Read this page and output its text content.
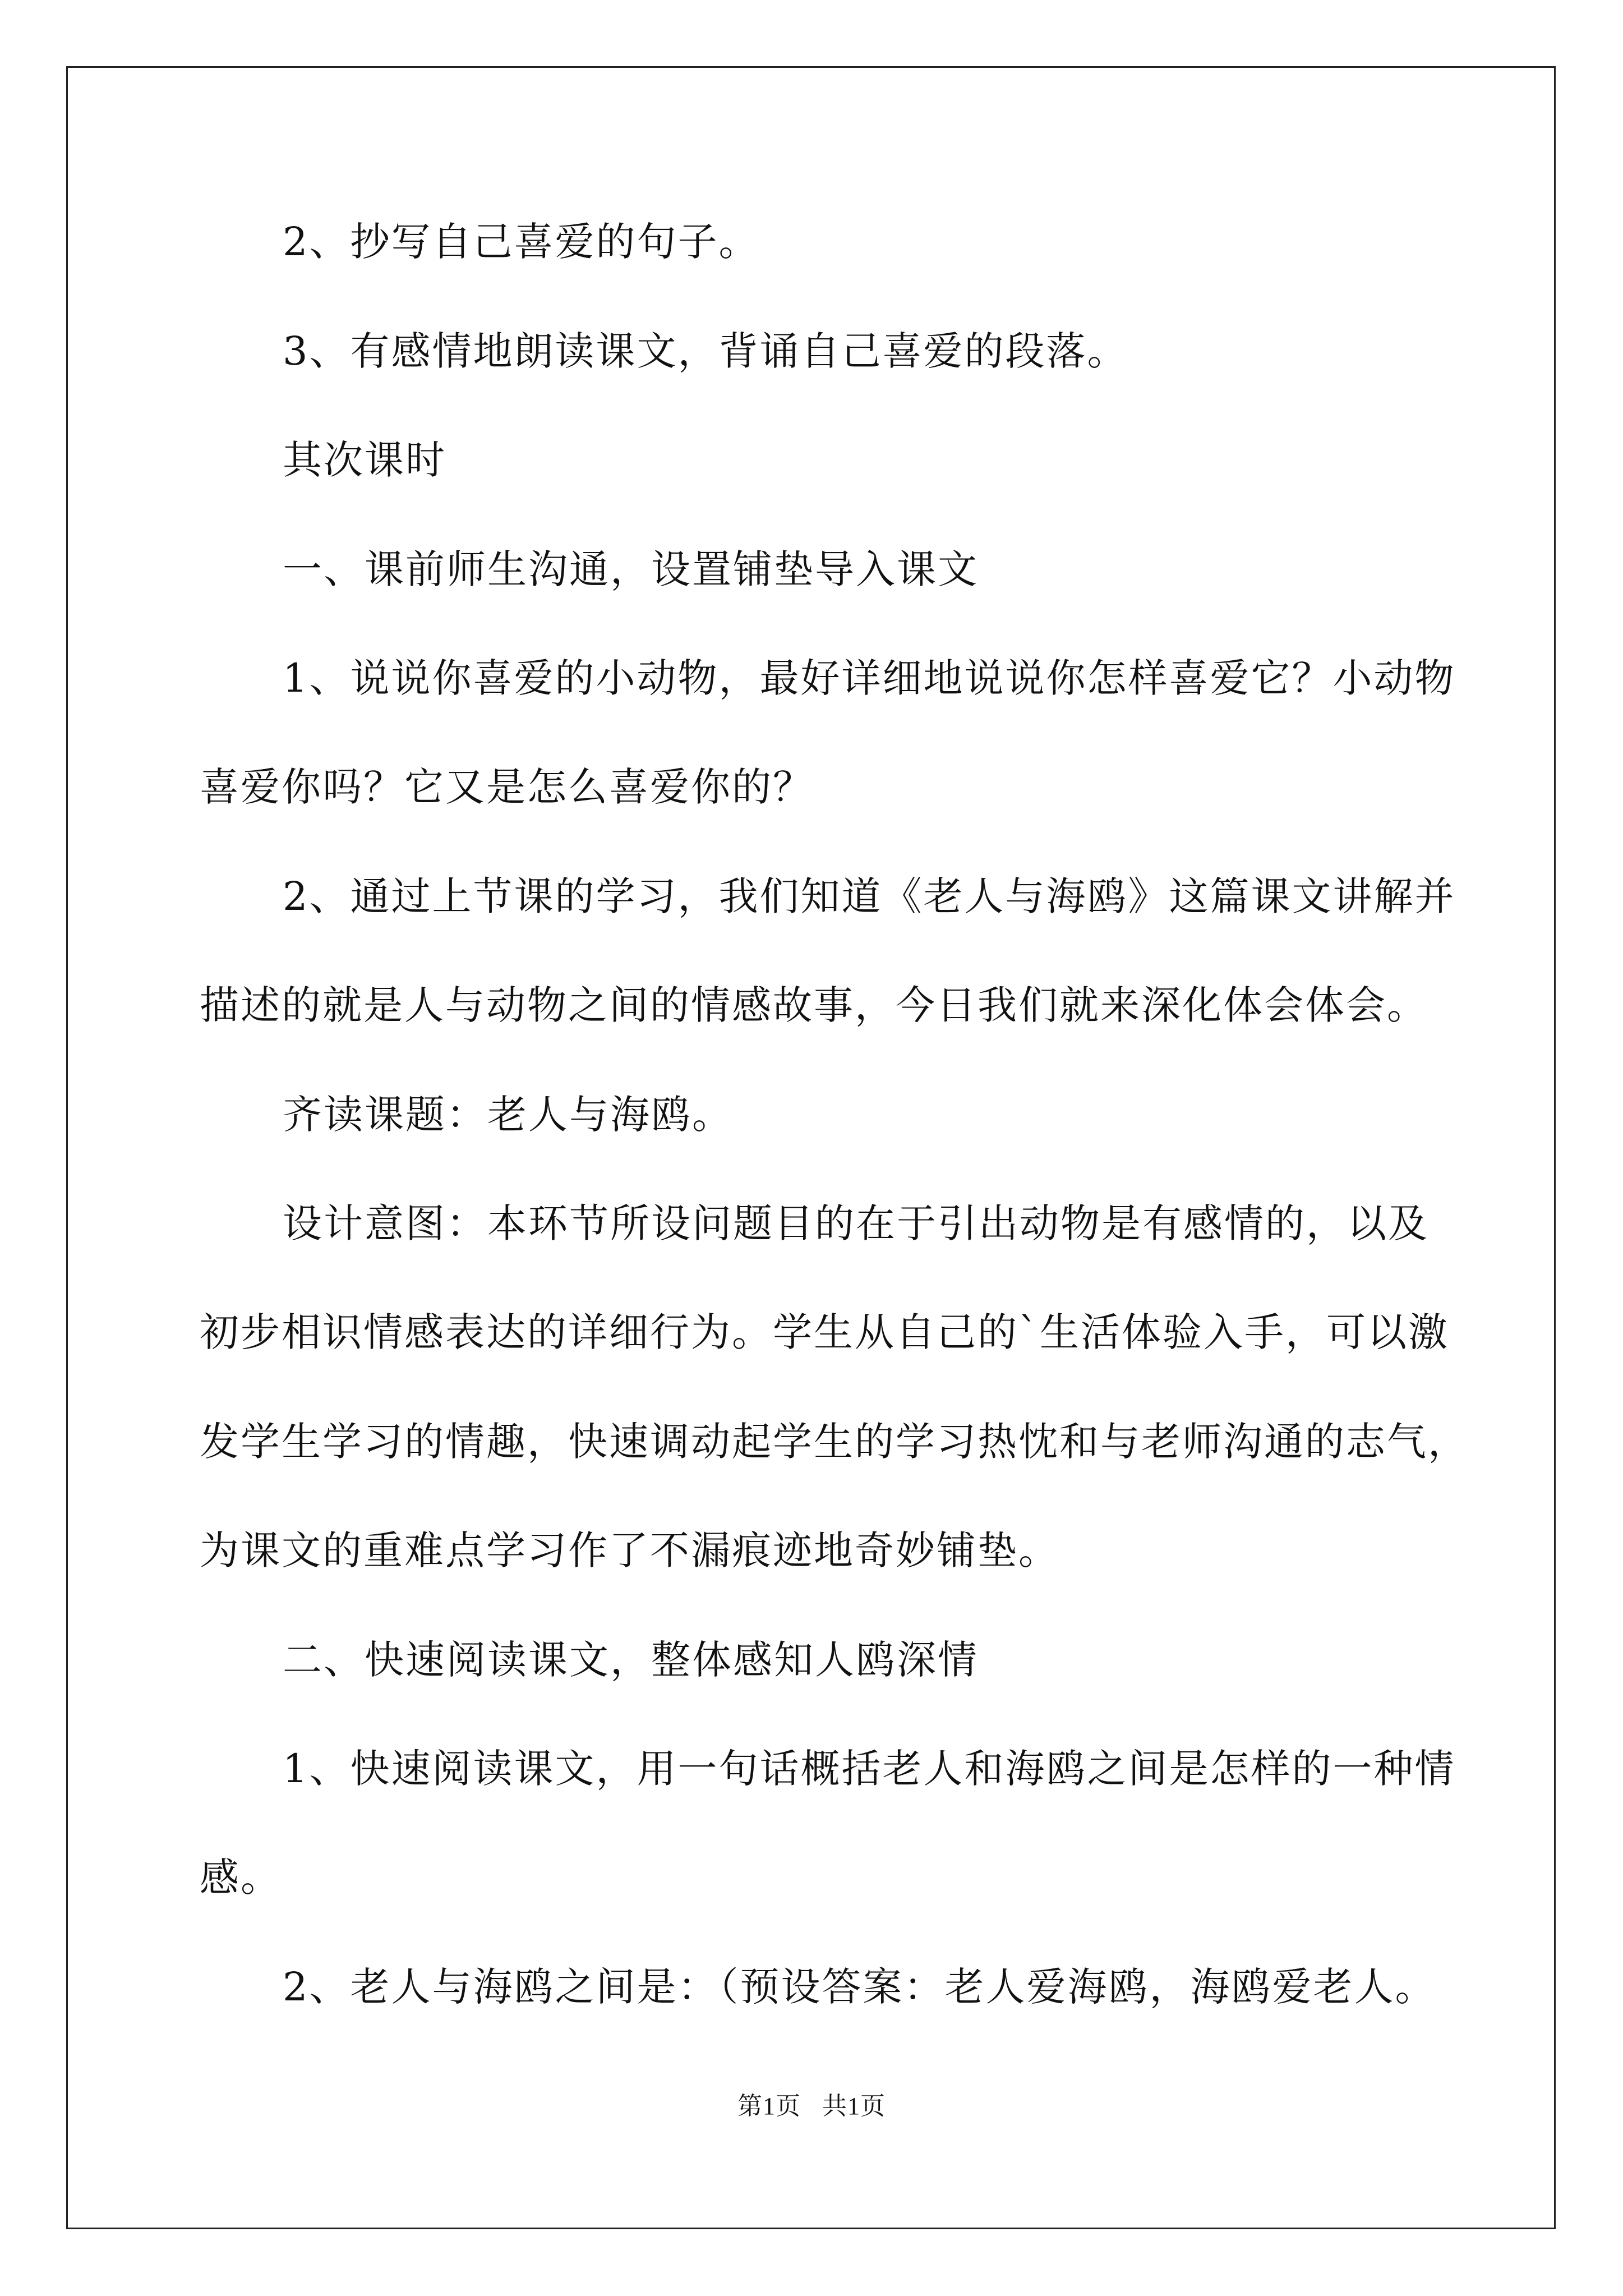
2、抄写自己喜爱的句子。
3、有感情地朗读课文，背诵自己喜爱的段落。
其次课时
一、课前师生沟通，设置铺垫导入课文
1、说说你喜爱的小动物，最好详细地说说你怎样喜爱它？小动物
喜爱你吗？它又是怎么喜爱你的？
2、通过上节课的学习，我们知道《老人与海鸥》这篇课文讲解并
描述的就是人与动物之间的情感故事，今日我们就来深化体会体会。
齐读课题：老人与海鸥。
设计意图：本环节所设问题目的在于引出动物是有感情的，以及
初步相识情感表达的详细行为。学生从自己的`生活体验入手，可以激
发学生学习的情趣，快速调动起学生的学习热忱和与老师沟通的志气，
为课文的重难点学习作了不漏痕迹地奇妙铺垫。
二、快速阅读课文，整体感知人鸥深情
1、快速阅读课文，用一句话概括老人和海鸥之间是怎样的一种情
感。
2、老人与海鸥之间是：（预设答案：老人爱海鸥，海鸥爱老人。
第1页 共1页
